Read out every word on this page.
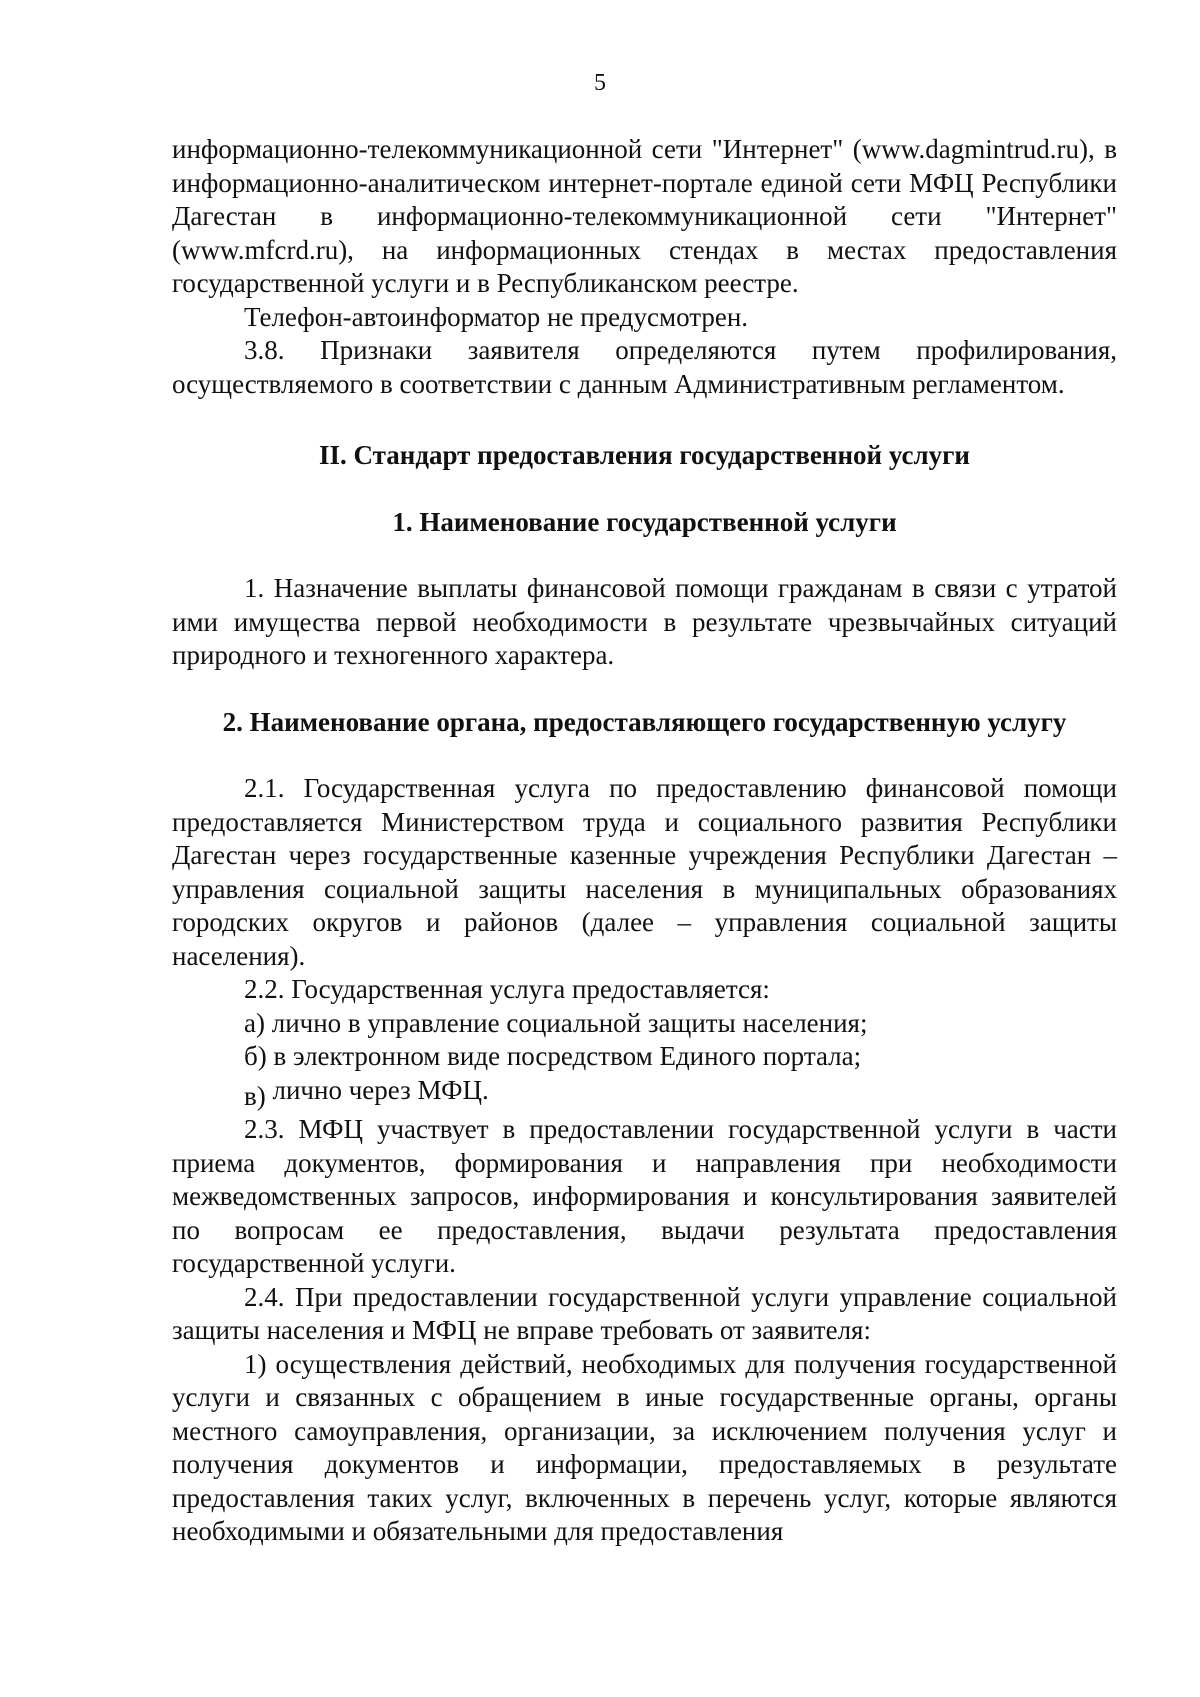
5

информационно-телекоммуникационной сети "Интернет" (www.dagmintrud.ru), в информационно-аналитическом интернет-портале единой сети МФЦ Республики Дагестан в информационно-телекоммуникационной сети "Интернет" (www.mfcrd.ru), на информационных стендах в местах предоставления государственной услуги и в Республиканском реестре.

Телефон-автоинформатор не предусмотрен.

3.8. Признаки заявителя определяются путем профилирования, осуществляемого в соответствии с данным Административным регламентом.

II. Стандарт предоставления государственной услуги
1. Наименование государственной услуги

1. Назначение выплаты финансовой помощи гражданам в связи с утратой ими имущества первой необходимости в результате чрезвычайных ситуаций природного и техногенного характера.

2. Наименование органа, предоставляющего государственную услугу

2.1. Государственная услуга по предоставлению финансовой помощи предоставляется Министерством труда и социального развития Республики Дагестан через государственные казенные учреждения Республики Дагестан – управления социальной защиты населения в муниципальных образованиях городских округов и районов (далее – управления социальной защиты населения).

2.2. Государственная услуга предоставляется:

а) лично в управление социальной защиты населения;

б) в электронном виде посредством Единого портала;

в) лично через МФЦ.

2.3. МФЦ участвует в предоставлении государственной услуги в части приема документов, формирования и направления при необходимости межведомственных запросов, информирования и консультирования заявителей по вопросам ее предоставления, выдачи результата предоставления государственной услуги.

2.4. При предоставлении государственной услуги управление социальной защиты населения и МФЦ не вправе требовать от заявителя:

1) осуществления действий, необходимых для получения государственной услуги и связанных с обращением в иные государственные органы, органы местного самоуправления, организации, за исключением получения услуг и получения документов и информации, предоставляемых в результате предоставления таких услуг, включенных в перечень услуг, которые являются необходимыми и обязательными для предоставления
